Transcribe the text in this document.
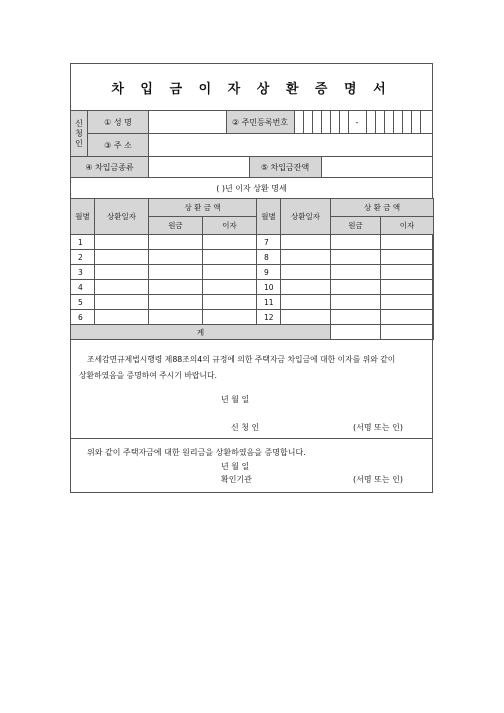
차 입 금 이 자 상 환 증 명 서
신청인	① 성 명	② 주민등록번호	-
③ 주 소
④ 차입금종류	⑤ 차입금잔액
( )년 이자 상환 명세
월별	상환일자	상 환 금 액		월별	상환일자	상 환 금 액	
		원금	이자			원금	이자
1				7			
2				8			
3				9			
4				10			
5				11			
6				12			
계							
조세감면규제법시행령 제88조의4의 규정에 의한 주택자금 차입금에 대한 이자를 위와 같이 상환하였음을 증명하여 주시기 바랍니다.
년 월 일
신 청 인	(서명 또는 인)
위와 같이 주택자금에 대한 원리금을 상환하였음을 증명합니다.
년 월 일
확인기관	(서명 또는 인)
